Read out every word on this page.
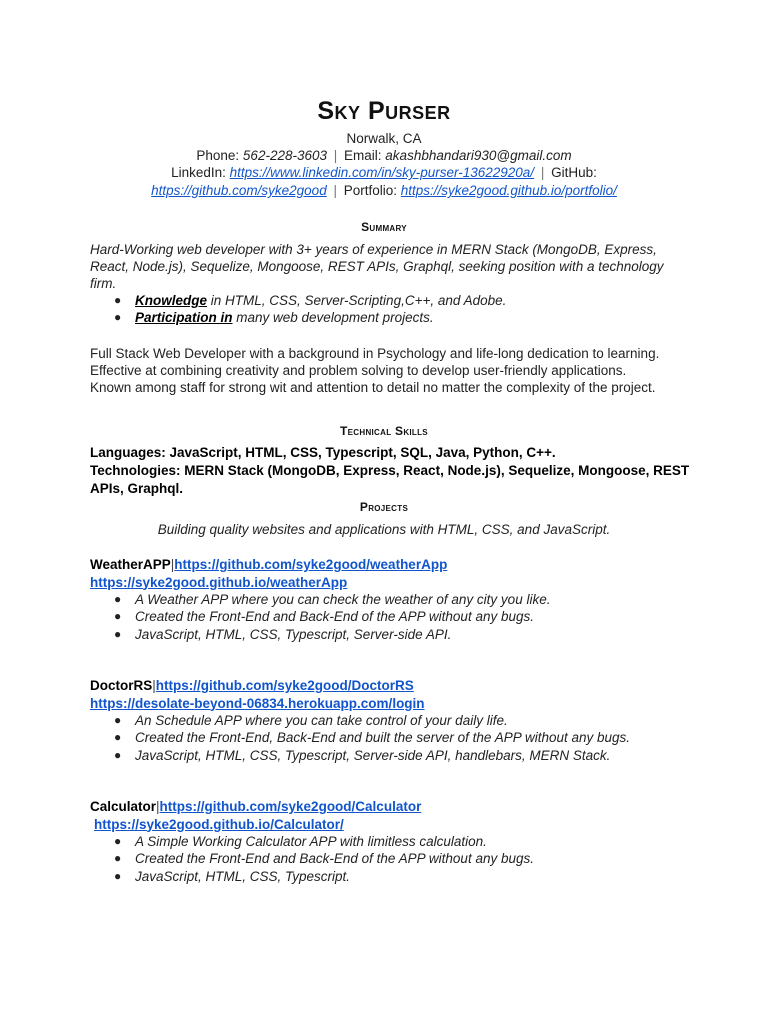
Sky Purser
Norwalk, CA
Phone: 562-228-3603 | Email: akashbhandari930@gmail.com
LinkedIn: https://www.linkedin.com/in/sky-purser-13622920a/ | GitHub:
https://github.com/syke2good | Portfolio: https://syke2good.github.io/portfolio/
Summary
Hard-Working web developer with 3+ years of experience in MERN Stack (MongoDB, Express,
React, Node.js), Sequelize, Mongoose, REST APIs, Graphql, seeking position with a technology
firm.
● Knowledge in HTML, CSS, Server-Scripting,C++, and Adobe.
● Participation in many web development projects.
Full Stack Web Developer with a background in Psychology and life-long dedication to learning.
Effective at combining creativity and problem solving to develop user-friendly applications.
Known among staff for strong wit and attention to detail no matter the complexity of the project.
Technical Skills
Languages: JavaScript, HTML, CSS, Typescript, SQL, Java, Python, C++.
Technologies: MERN Stack (MongoDB, Express, React, Node.js), Sequelize, Mongoose, REST
APIs, Graphql.
Projects
Building quality websites and applications with HTML, CSS, and JavaScript.
WeatherAPP|https://github.com/syke2good/weatherApp
https://syke2good.github.io/weatherApp
● A Weather APP where you can check the weather of any city you like.
● Created the Front-End and Back-End of the APP without any bugs.
● JavaScript, HTML, CSS, Typescript, Server-side API.
DoctorRS|https://github.com/syke2good/DoctorRS
https://desolate-beyond-06834.herokuapp.com/login
● An Schedule APP where you can take control of your daily life.
● Created the Front-End, Back-End and built the server of the APP without any bugs.
● JavaScript, HTML, CSS, Typescript, Server-side API, handlebars, MERN Stack.
Calculator|https://github.com/syke2good/Calculator
https://syke2good.github.io/Calculator/
● A Simple Working Calculator APP with limitless calculation.
● Created the Front-End and Back-End of the APP without any bugs.
● JavaScript, HTML, CSS, Typescript.
